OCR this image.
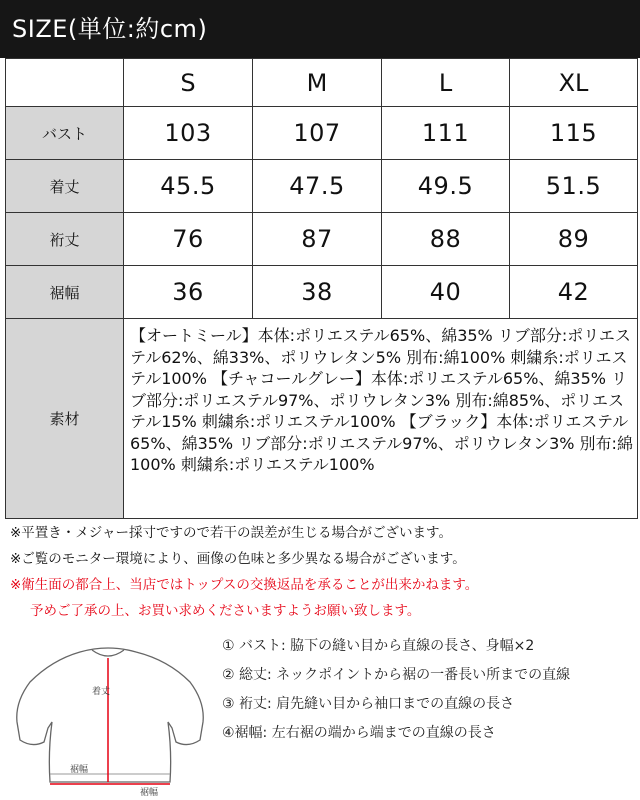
SIZE(単位:約cm)
	S	M	L	XL
バスト	103	107	111	115
着丈	45.5	47.5	49.5	51.5
裄丈	76	87	88	89
裾幅	36	38	40	42
素材	【オートミール】本体:ポリエステル65%、綿35% リブ部分:ポリエステル62%、綿33%、ポリウレタン5% 別布:綿100% 刺繍糸:ポリエステル100% 【チャコールグレー】本体:ポリエステル65%、綿35% リブ部分:ポリエステル97%、ポリウレタン3% 別布:綿85%、ポリエステル15% 刺繍糸:ポリエステル100% 【ブラック】本体:ポリエステル65%、綿35% リブ部分:ポリエステル97%、ポリウレタン3% 別布:綿100% 刺繍糸:ポリエステル100%			
※平置き・メジャー採寸ですので若干の誤差が生じる場合がございます。
※ご覧のモニター環境により、画像の色味と多少異なる場合がございます。
※衛生面の都合上、当店ではトップスの交換返品を承ることが出来かねます。
予めご了承の上、お買い求めくださいますようお願い致します。
着丈
裾幅
裾幅
① バスト: 脇下の縫い目から直線の長さ、身幅×2
② 総丈: ネックポイントから裾の一番長い所までの直線
③ 裄丈: 肩先縫い目から袖口までの直線の長さ
④裾幅: 左右裾の端から端までの直線の長さ
